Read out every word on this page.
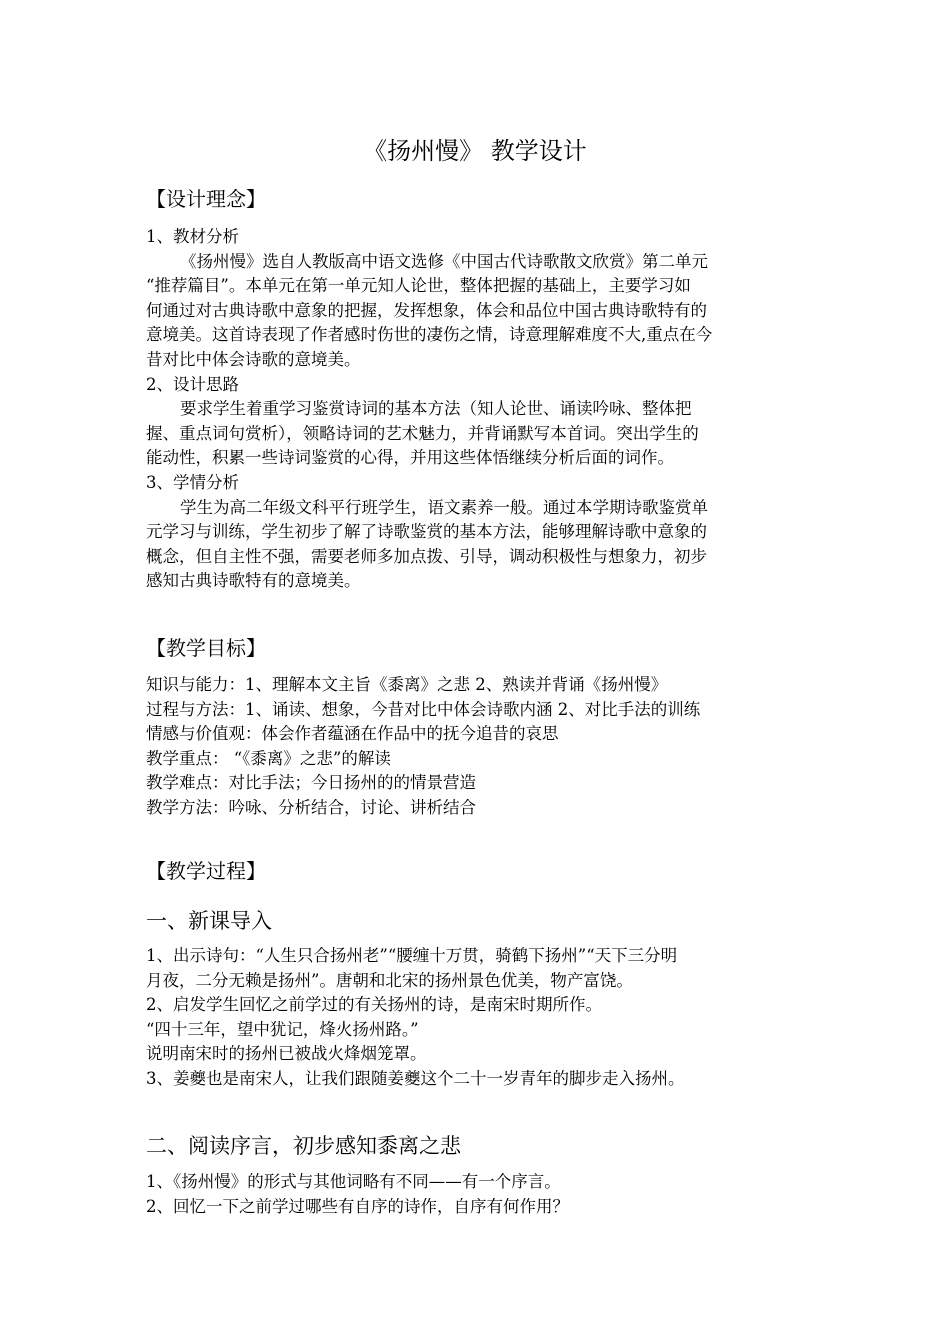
《扬州慢》 教学设计
【设计理念】
1、教材分析
《扬州慢》选自人教版高中语文选修《中国古代诗歌散文欣赏》第二单元
“推荐篇目”。本单元在第一单元知人论世，整体把握的基础上，主要学习如
何通过对古典诗歌中意象的把握，发挥想象，体会和品位中国古典诗歌特有的
意境美。这首诗表现了作者感时伤世的凄伤之情，诗意理解难度不大,重点在今
昔对比中体会诗歌的意境美。
2、设计思路
要求学生着重学习鉴赏诗词的基本方法（知人论世、诵读吟咏、整体把
握、重点词句赏析），领略诗词的艺术魅力，并背诵默写本首词。突出学生的
能动性，积累一些诗词鉴赏的心得，并用这些体悟继续分析后面的词作。
3、学情分析
学生为高二年级文科平行班学生，语文素养一般。通过本学期诗歌鉴赏单
元学习与训练，学生初步了解了诗歌鉴赏的基本方法，能够理解诗歌中意象的
概念，但自主性不强，需要老师多加点拨、引导，调动积极性与想象力，初步
感知古典诗歌特有的意境美。
【教学目标】
知识与能力：1、理解本文主旨《黍离》之悲 2、熟读并背诵《扬州慢》
过程与方法：1、诵读、想象，今昔对比中体会诗歌内涵 2、对比手法的训练
情感与价值观：体会作者蕴涵在作品中的抚今追昔的哀思
教学重点： “《黍离》之悲”的解读
教学难点：对比手法；今日扬州的的情景营造
教学方法：吟咏、分析结合，讨论、讲析结合
【教学过程】
一、新课导入
1、出示诗句：“人生只合扬州老”“腰缠十万贯，骑鹤下扬州”“天下三分明
月夜，二分无赖是扬州”。唐朝和北宋的扬州景色优美，物产富饶。
2、启发学生回忆之前学过的有关扬州的诗，是南宋时期所作。
“四十三年，望中犹记，烽火扬州路。”
说明南宋时的扬州已被战火烽烟笼罩。
3、姜夔也是南宋人，让我们跟随姜夔这个二十一岁青年的脚步走入扬州。
二、阅读序言，初步感知黍离之悲
1、《扬州慢》的形式与其他词略有不同——有一个序言。
2、回忆一下之前学过哪些有自序的诗作，自序有何作用？
